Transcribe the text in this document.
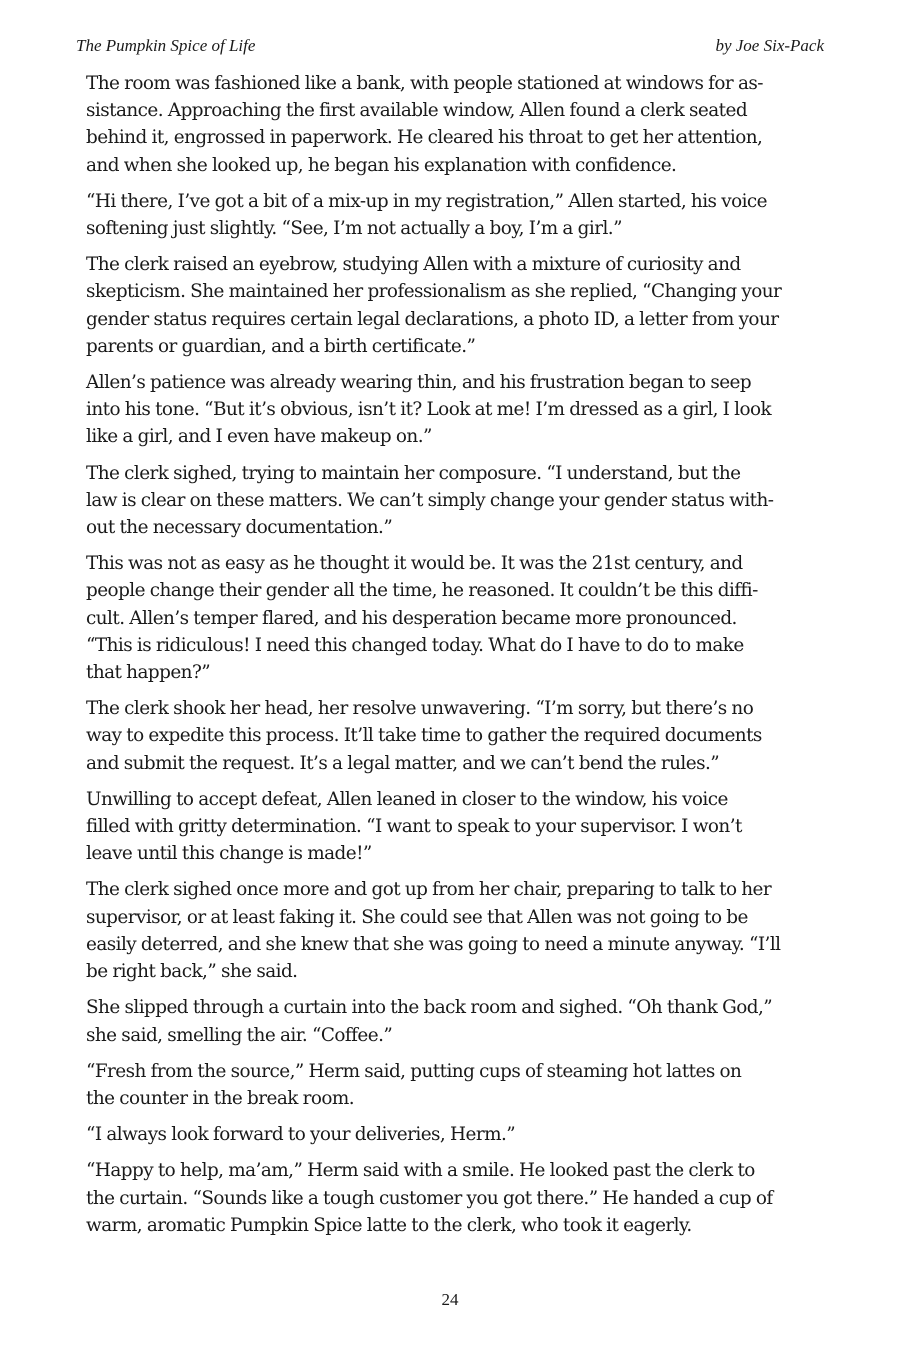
The Pumpkin Spice of Life	by Joe Six-Pack

The room was fashioned like a bank, with people stationed at windows for as-
sistance. Approaching the first available window, Allen found a clerk seated
behind it, engrossed in paperwork. He cleared his throat to get her attention,
and when she looked up, he began his explanation with confidence.

“Hi there, I’ve got a bit of a mix-up in my registration,” Allen started, his voice
softening just slightly. “See, I’m not actually a boy, I’m a girl.”

The clerk raised an eyebrow, studying Allen with a mixture of curiosity and
skepticism. She maintained her professionalism as she replied, “Changing your
gender status requires certain legal declarations, a photo ID, a letter from your
parents or guardian, and a birth certificate.”

Allen’s patience was already wearing thin, and his frustration began to seep
into his tone. “But it’s obvious, isn’t it? Look at me! I’m dressed as a girl, I look
like a girl, and I even have makeup on.”

The clerk sighed, trying to maintain her composure. “I understand, but the
law is clear on these matters. We can’t simply change your gender status with-
out the necessary documentation.”

This was not as easy as he thought it would be. It was the 21st century, and
people change their gender all the time, he reasoned. It couldn’t be this diffi-
cult. Allen’s temper flared, and his desperation became more pronounced.
“This is ridiculous! I need this changed today. What do I have to do to make
that happen?”

The clerk shook her head, her resolve unwavering. “I’m sorry, but there’s no
way to expedite this process. It’ll take time to gather the required documents
and submit the request. It’s a legal matter, and we can’t bend the rules.”

Unwilling to accept defeat, Allen leaned in closer to the window, his voice
filled with gritty determination. “I want to speak to your supervisor. I won’t
leave until this change is made!”

The clerk sighed once more and got up from her chair, preparing to talk to her
supervisor, or at least faking it. She could see that Allen was not going to be
easily deterred, and she knew that she was going to need a minute anyway. “I’ll
be right back,” she said.

She slipped through a curtain into the back room and sighed. “Oh thank God,”
she said, smelling the air. “Coffee.”

“Fresh from the source,” Herm said, putting cups of steaming hot lattes on
the counter in the break room.

“I always look forward to your deliveries, Herm.”

“Happy to help, ma’am,” Herm said with a smile. He looked past the clerk to
the curtain. “Sounds like a tough customer you got there.” He handed a cup of
warm, aromatic Pumpkin Spice latte to the clerk, who took it eagerly.

24
